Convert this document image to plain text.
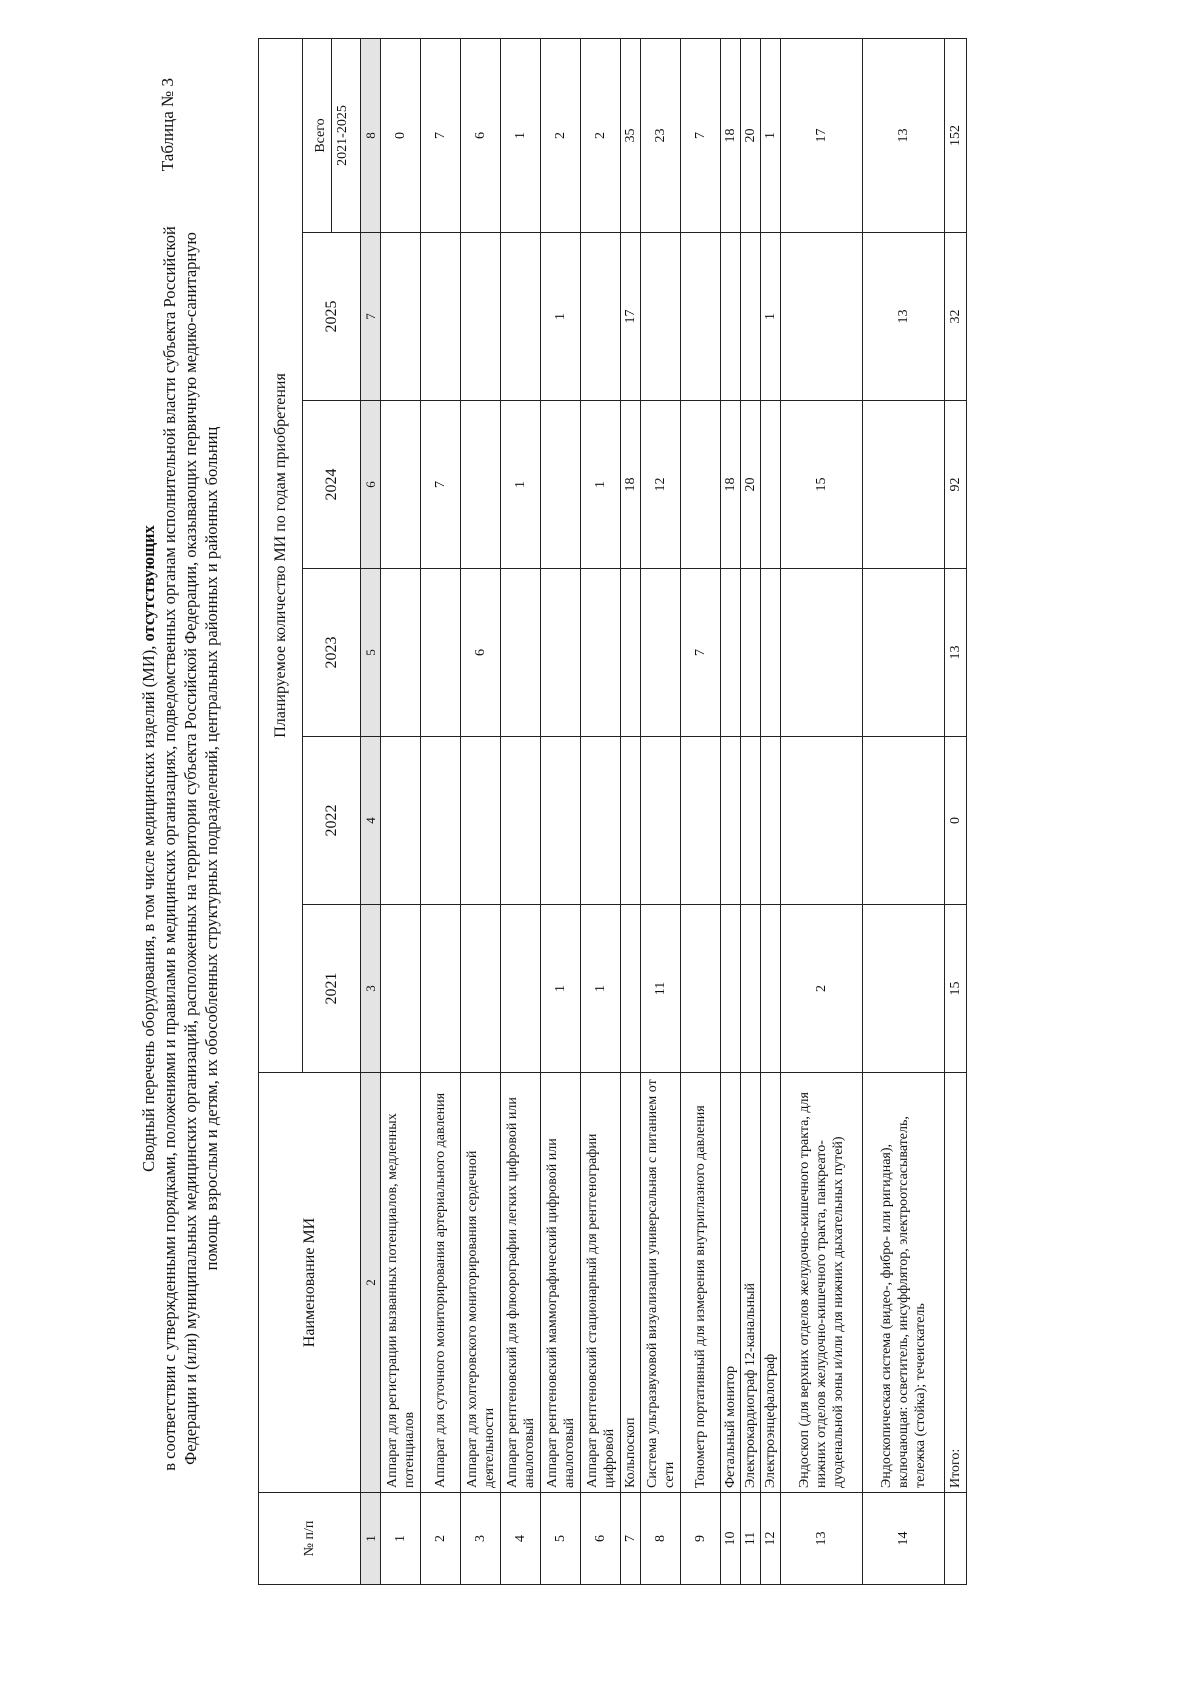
Таблица № 3
Сводный перечень оборудования, в том числе медицинских изделий (МИ), отсутствующих в соответствии с утвержденными порядками, положениями и правилами в медицинских организациях, подведомственных органам исполнительной власти субъекта Российской Федерации и (или) муниципальных медицинских организаций, расположенных на территории субъекта Российской Федерации, оказывающих первичную медико-санитарную помощь взрослым и детям, их обособленных структурных подразделений, центральных районных и районных больниц
№ п/п	Наименование МИ	Планируемое количество МИ по годам приобретения					
		2021	2022	2023	2024	2025	Всего 2021-2025

1	2	3	4	5	6	7	8
1	Аппарат для регистрации вызванных потенциалов, медленных потенциалов						0
2	Аппарат для суточного мониторирования артериального давления				7		7
3	Аппарат для холтеровского мониторирования сердечной деятельности			6			6
4	Аппарат рентгеновский для флюорографии легких цифровой или аналоговый				1		1
5	Аппарат рентгеновский маммографический цифровой или аналоговый	1				1	2
6	Аппарат рентгеновский стационарный для рентгенографии цифровой	1			1		2
7	Кольпоскоп				18	17	35
8	Система ультразвуковой визуализации универсальная с питанием от сети	11			12		23
9	Тонометр портативный для измерения внутриглазного давления			7			7
10	Фетальный монитор				18		18
11	Электрокардиограф 12-канальный				20		20
12	Электроэнцефалограф					1	1
13	Эндоскоп (для верхних отделов желудочно-кишечного тракта, для нижних отделов желудочно-кишечного тракта, панкреато-дуоденальной зоны и/или для нижних дыхательных путей)	2			15		17
14	Эндоскопическая система (видео-, фибро- или ригидная), включающая: осветитель, инсуффлятор, электроотсасыватель, тележка (стойка); течеискатель					13	13
	Итого:	15	0	13	92	32	152
